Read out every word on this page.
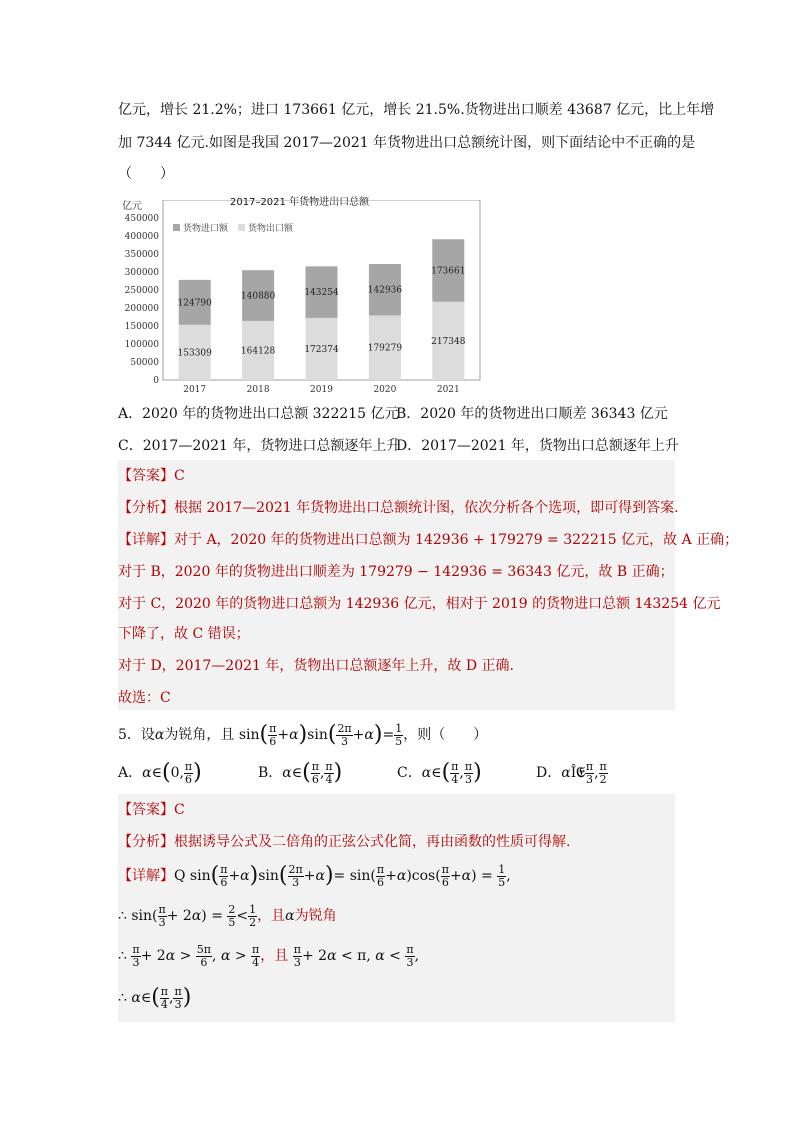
亿元，增长 21.2%；进口 173661 亿元，增长 21.5%.货物进出口顺差 43687 亿元，比上年增
加 7344 亿元.如图是我国 2017—2021 年货物进出口总额统计图，则下面结论中不正确的是
（　　）
2017–2021 年货物进出口总额
亿元
0
50000
100000
150000
200000
250000
300000
350000
400000
450000
货物进口额 货物出口额
153309
124790
2017
164128
140880
2018
172374
143254
2019
179279
142936
2020
217348
173661
2021
A．2020 年的货物进出口总额 322215 亿元
B．2020 年的货物进出口顺差 36343 亿元
C．2017—2021 年，货物进口总额逐年上升
D．2017—2021 年，货物出口总额逐年上升
【答案】C
【分析】根据 2017—2021 年货物进出口总额统计图，依次分析各个选项，即可得到答案.
【详解】对于 A，2020 年的货物进出口总额为 142936 + 179279 = 322215 亿元，故 A 正确；
对于 B，2020 年的货物进出口顺差为 179279 − 142936 = 36343 亿元，故 B 正确；
对于 C，2020 年的货物进口总额为 142936 亿元，相对于 2019 的货物进口总额 143254 亿元
下降了，故 C 错误；
对于 D，2017—2021 年，货物出口总额逐年上升，故 D 正确.
故选：C
5．设α为锐角，且 $\sin( \frac{\pi}{6} +\alpha)\sin( \frac{2\pi}{3} +\alpha)= \frac{1}{5}$ ，则（　　）
A．α∈(0, $\frac{\pi}{6}$ )	B．α∈( $\frac{\pi}{6}$ , $\frac{\pi}{4}$ )	C．α∈( $\frac{\pi}{4}$ , $\frac{\pi}{3}$ )	D．αÎ𝔈 $\frac{\pi}{3}$ , $\frac{\pi}{2}$
【答案】C
【分析】根据诱导公式及二倍角的正弦公式化简，再由函数的性质可得解.
【详解】Q $\sin( \frac{\pi}{6} +\alpha)\sin( \frac{2\pi}{3} +\alpha)= \sin( \frac{\pi}{6} +\alpha)\cos( \frac{\pi}{6} +\alpha) = \frac{1}{5}$ ,
∴ $\sin( \frac{\pi}{3} + 2\alpha) = \frac{2}{5} < \frac{1}{2}$ ，且α为锐角
∴ $\frac{\pi}{3} + 2\alpha > \frac{5\pi}{6}$ , $\alpha > \frac{\pi}{4}$ ，且 $\frac{\pi}{3} + 2\alpha < \pi$, $\alpha < \frac{\pi}{3}$ ,
∴ α∈( $\frac{\pi}{4}$ , $\frac{\pi}{3}$ )
